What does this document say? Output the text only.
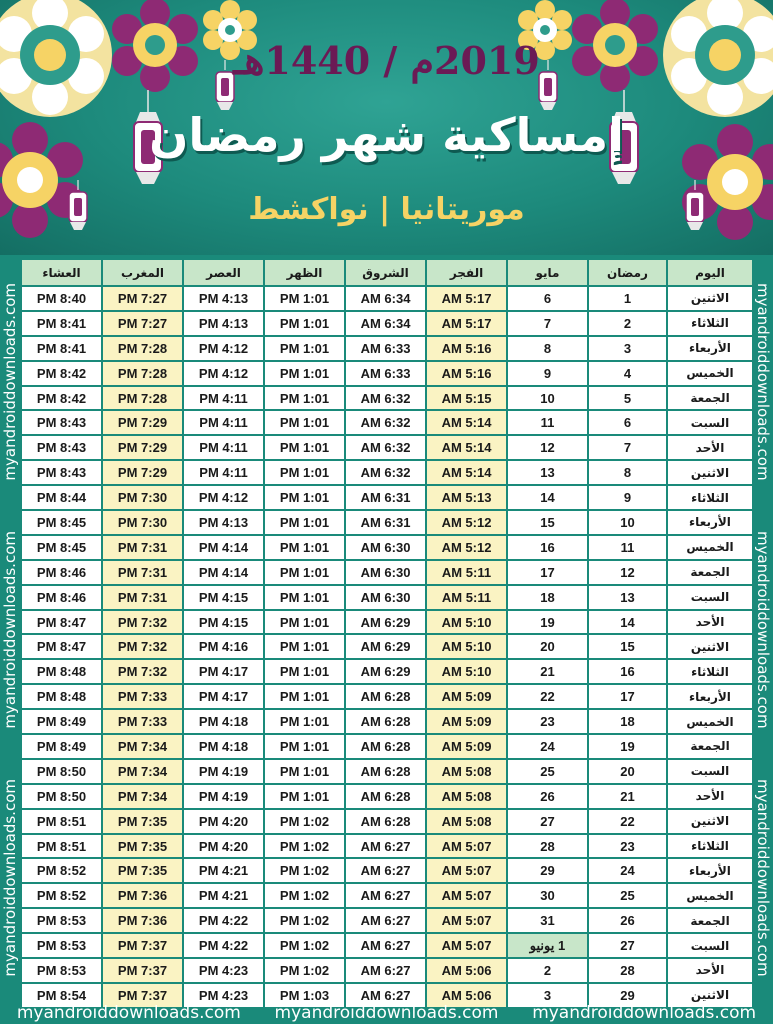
2019م / 1440هـ
إمساكية شهر رمضان
موريتانيا | نواكشط
myandroiddownloads.com
myandroiddownloads.com
myandroiddownloads.com
myandroiddownloads.com
myandroiddownloads.com
myandroiddownloads.com
اليوم	رمضان	مايو	الفجر	الشروق	الظهر	العصر	المغرب	العشاء
الاثنين	1	6	5:17 AM	6:34 AM	1:01 PM	4:13 PM	7:27 PM	8:40 PM
الثلاثاء	2	7	5:17 AM	6:34 AM	1:01 PM	4:13 PM	7:27 PM	8:41 PM
الأربعاء	3	8	5:16 AM	6:33 AM	1:01 PM	4:12 PM	7:28 PM	8:41 PM
الخميس	4	9	5:16 AM	6:33 AM	1:01 PM	4:12 PM	7:28 PM	8:42 PM
الجمعة	5	10	5:15 AM	6:32 AM	1:01 PM	4:11 PM	7:28 PM	8:42 PM
السبت	6	11	5:14 AM	6:32 AM	1:01 PM	4:11 PM	7:29 PM	8:43 PM
الأحد	7	12	5:14 AM	6:32 AM	1:01 PM	4:11 PM	7:29 PM	8:43 PM
الاثنين	8	13	5:14 AM	6:32 AM	1:01 PM	4:11 PM	7:29 PM	8:43 PM
الثلاثاء	9	14	5:13 AM	6:31 AM	1:01 PM	4:12 PM	7:30 PM	8:44 PM
الأربعاء	10	15	5:12 AM	6:31 AM	1:01 PM	4:13 PM	7:30 PM	8:45 PM
الخميس	11	16	5:12 AM	6:30 AM	1:01 PM	4:14 PM	7:31 PM	8:45 PM
الجمعة	12	17	5:11 AM	6:30 AM	1:01 PM	4:14 PM	7:31 PM	8:46 PM
السبت	13	18	5:11 AM	6:30 AM	1:01 PM	4:15 PM	7:31 PM	8:46 PM
الأحد	14	19	5:10 AM	6:29 AM	1:01 PM	4:15 PM	7:32 PM	8:47 PM
الاثنين	15	20	5:10 AM	6:29 AM	1:01 PM	4:16 PM	7:32 PM	8:47 PM
الثلاثاء	16	21	5:10 AM	6:29 AM	1:01 PM	4:17 PM	7:32 PM	8:48 PM
الأربعاء	17	22	5:09 AM	6:28 AM	1:01 PM	4:17 PM	7:33 PM	8:48 PM
الخميس	18	23	5:09 AM	6:28 AM	1:01 PM	4:18 PM	7:33 PM	8:49 PM
الجمعة	19	24	5:09 AM	6:28 AM	1:01 PM	4:18 PM	7:34 PM	8:49 PM
السبت	20	25	5:08 AM	6:28 AM	1:01 PM	4:19 PM	7:34 PM	8:50 PM
الأحد	21	26	5:08 AM	6:28 AM	1:01 PM	4:19 PM	7:34 PM	8:50 PM
الاثنين	22	27	5:08 AM	6:28 AM	1:02 PM	4:20 PM	7:35 PM	8:51 PM
الثلاثاء	23	28	5:07 AM	6:27 AM	1:02 PM	4:20 PM	7:35 PM	8:51 PM
الأربعاء	24	29	5:07 AM	6:27 AM	1:02 PM	4:21 PM	7:35 PM	8:52 PM
الخميس	25	30	5:07 AM	6:27 AM	1:02 PM	4:21 PM	7:36 PM	8:52 PM
الجمعة	26	31	5:07 AM	6:27 AM	1:02 PM	4:22 PM	7:36 PM	8:53 PM
السبت	27	1 يونيو	5:07 AM	6:27 AM	1:02 PM	4:22 PM	7:37 PM	8:53 PM
الأحد	28	2	5:06 AM	6:27 AM	1:02 PM	4:23 PM	7:37 PM	8:53 PM
الاثنين	29	3	5:06 AM	6:27 AM	1:03 PM	4:23 PM	7:37 PM	8:54 PM
myandroiddownloads.com myandroiddownloads.com myandroiddownloads.com
